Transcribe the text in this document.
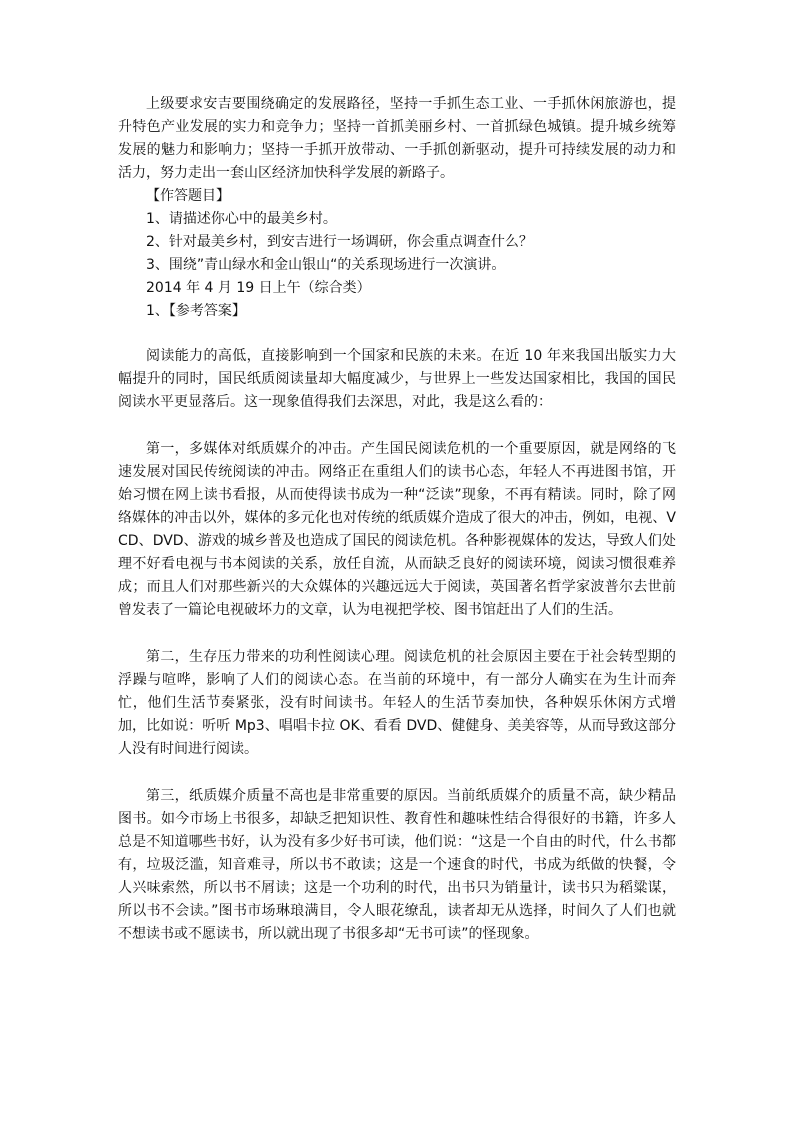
上级要求安吉要围绕确定的发展路径，坚持一手抓生态工业、一手抓休闲旅游也，提升特色产业发展的实力和竞争力；坚持一首抓美丽乡村、一首抓绿色城镇。提升城乡统筹发展的魅力和影响力；坚持一手抓开放带动、一手抓创新驱动，提升可持续发展的动力和活力，努力走出一套山区经济加快科学发展的新路子。

【作答题目】

1、请描述你心中的最美乡村。

2、针对最美乡村，到安吉进行一场调研，你会重点调查什么？

3、围绕”青山绿水和金山银山“的关系现场进行一次演讲。

2014 年 4 月 19 日上午（综合类）

1、【参考答案】

阅读能力的高低，直接影响到一个国家和民族的未来。在近 10 年来我国出版实力大幅提升的同时，国民纸质阅读量却大幅度减少，与世界上一些发达国家相比，我国的国民阅读水平更显落后。这一现象值得我们去深思，对此，我是这么看的：

第一，多媒体对纸质媒介的冲击。产生国民阅读危机的一个重要原因，就是网络的飞速发展对国民传统阅读的冲击。网络正在重组人们的读书心态，年轻人不再进图书馆，开始习惯在网上读书看报，从而使得读书成为一种“泛读”现象，不再有精读。同时，除了网络媒体的冲击以外，媒体的多元化也对传统的纸质媒介造成了很大的冲击，例如，电视、VCD、DVD、游戏的城乡普及也造成了国民的阅读危机。各种影视媒体的发达，导致人们处理不好看电视与书本阅读的关系，放任自流，从而缺乏良好的阅读环境，阅读习惯很难养成；而且人们对那些新兴的大众媒体的兴趣远远大于阅读，英国著名哲学家波普尔去世前曾发表了一篇论电视破坏力的文章，认为电视把学校、图书馆赶出了人们的生活。

第二，生存压力带来的功利性阅读心理。阅读危机的社会原因主要在于社会转型期的浮躁与喧哗，影响了人们的阅读心态。在当前的环境中，有一部分人确实在为生计而奔忙，他们生活节奏紧张，没有时间读书。年轻人的生活节奏加快，各种娱乐休闲方式增加，比如说：听听 Mp3、唱唱卡拉 OK、看看 DVD、健健身、美美容等，从而导致这部分人没有时间进行阅读。

第三，纸质媒介质量不高也是非常重要的原因。当前纸质媒介的质量不高，缺少精品图书。如今市场上书很多，却缺乏把知识性、教育性和趣味性结合得很好的书籍，许多人总是不知道哪些书好，认为没有多少好书可读，他们说：“这是一个自由的时代，什么书都有，垃圾泛滥，知音难寻，所以书不敢读；这是一个速食的时代，书成为纸做的快餐，令人兴味索然，所以书不屑读；这是一个功利的时代，出书只为销量计，读书只为稻粱谋，所以书不会读。”图书市场琳琅满目，令人眼花缭乱，读者却无从选择，时间久了人们也就不想读书或不愿读书，所以就出现了书很多却“无书可读”的怪现象。
